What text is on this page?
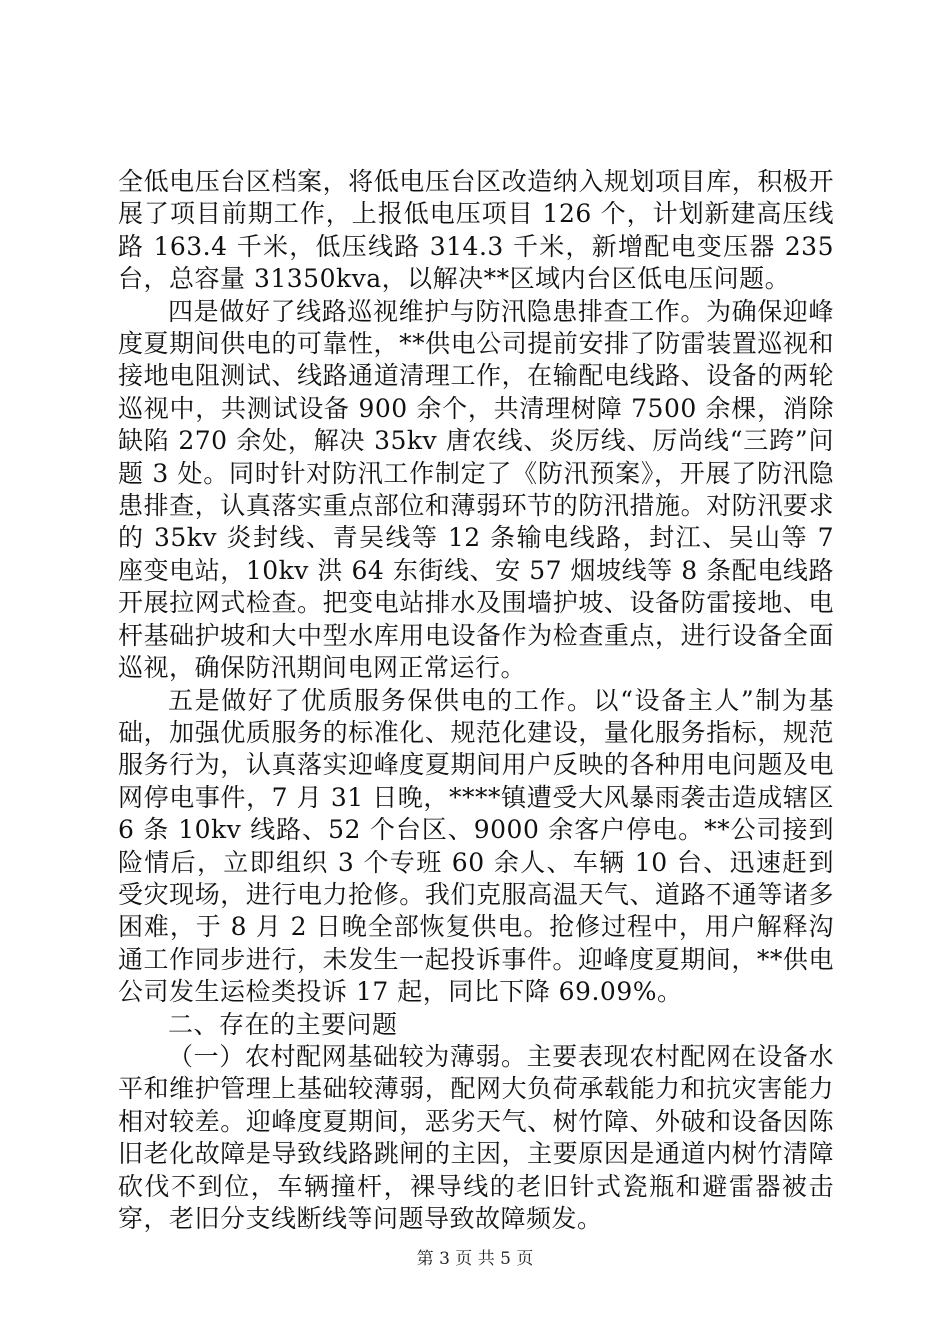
全低电压台区档案，将低电压台区改造纳入规划项目库，积极开展了项目前期工作，上报低电压项目 126 个，计划新建高压线路 163.4 千米，低压线路 314.3 千米，新增配电变压器 235台，总容量 31350kva，以解决**区域内台区低电压问题。

四是做好了线路巡视维护与防汛隐患排查工作。为确保迎峰度夏期间供电的可靠性，**供电公司提前安排了防雷装置巡视和接地电阻测试、线路通道清理工作，在输配电线路、设备的两轮巡视中，共测试设备 900 余个，共清理树障 7500 余棵，消除缺陷 270 余处，解决 35kv 唐农线、炎厉线、厉尚线“三跨”问题 3 处。同时针对防汛工作制定了《防汛预案》，开展了防汛隐患排查，认真落实重点部位和薄弱环节的防汛措施。对防汛要求的 35kv 炎封线、青吴线等 12 条输电线路，封江、吴山等 7 座变电站，10kv 洪 64 东街线、安 57 烟坡线等 8 条配电线路开展拉网式检查。把变电站排水及围墙护坡、设备防雷接地、电杆基础护坡和大中型水库用电设备作为检查重点，进行设备全面巡视，确保防汛期间电网正常运行。

五是做好了优质服务保供电的工作。以“设备主人”制为基础，加强优质服务的标准化、规范化建设，量化服务指标，规范服务行为，认真落实迎峰度夏期间用户反映的各种用电问题及电网停电事件，7 月 31 日晚，****镇遭受大风暴雨袭击造成辖区 6 条 10kv 线路、52 个台区、9000 余客户停电。**公司接到险情后，立即组织 3 个专班 60 余人、车辆 10 台、迅速赶到受灾现场，进行电力抢修。我们克服高温天气、道路不通等诸多困难，于 8 月 2 日晚全部恢复供电。抢修过程中，用户解释沟通工作同步进行，未发生一起投诉事件。迎峰度夏期间，**供电公司发生运检类投诉 17 起，同比下降 69.09%。

二、存在的主要问题

（一）农村配网基础较为薄弱。主要表现农村配网在设备水平和维护管理上基础较薄弱，配网大负荷承载能力和抗灾害能力相对较差。迎峰度夏期间，恶劣天气、树竹障、外破和设备因陈旧老化故障是导致线路跳闸的主因，主要原因是通道内树竹清障砍伐不到位，车辆撞杆，裸导线的老旧针式瓷瓶和避雷器被击穿，老旧分支线断线等问题导致故障频发。

第 3 页 共 5 页
